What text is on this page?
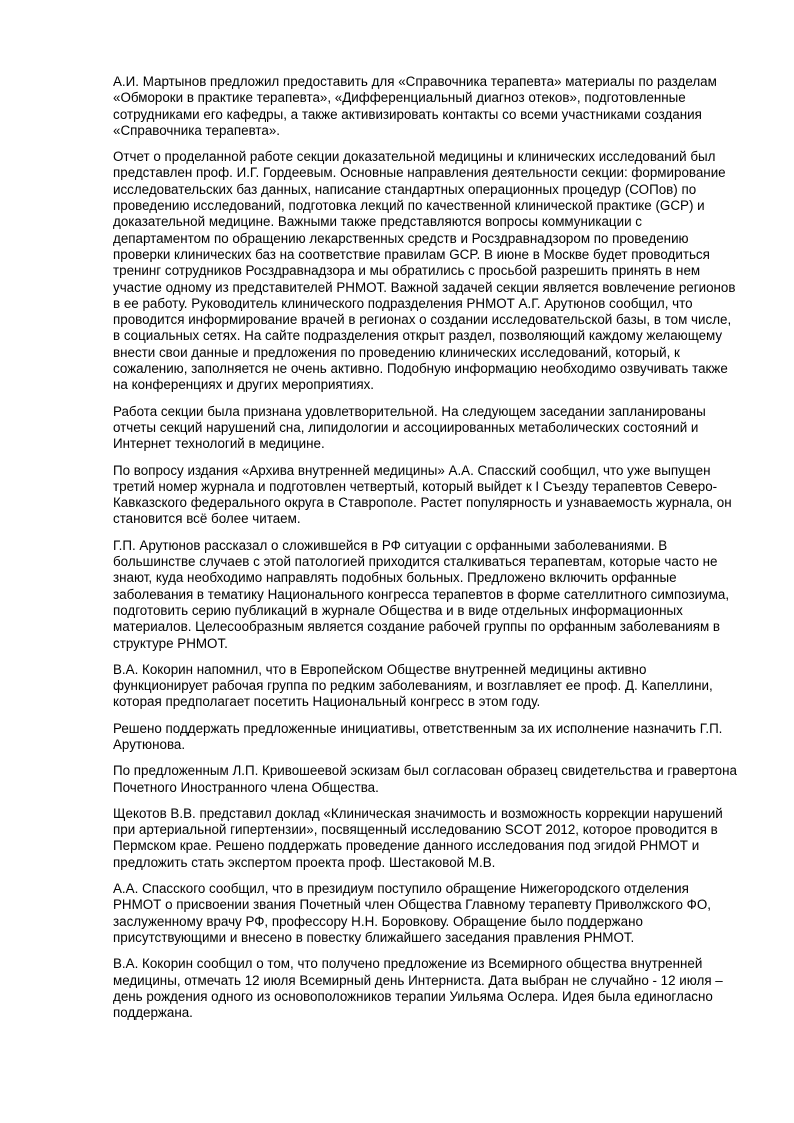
А.И. Мартынов предложил предоставить для «Справочника терапевта» материалы по разделам «Обмороки в практике терапевта», «Дифференциальный диагноз отеков», подготовленные сотрудниками его кафедры, а также активизировать контакты со всеми участниками создания «Справочника терапевта».

Отчет о проделанной работе секции доказательной медицины и клинических исследований был представлен проф. И.Г. Гордеевым. Основные направления деятельности секции: формирование исследовательских баз данных, написание стандартных операционных процедур (СОПов) по проведению исследований, подготовка лекций по качественной клинической практике (GCP) и доказательной медицине. Важными также представляются вопросы коммуникации с департаментом по обращению лекарственных средств и Росздравнадзором по проведению проверки клинических баз на соответствие правилам GCP. В июне в Москве будет проводиться тренинг сотрудников Росздравнадзора и мы обратились с просьбой разрешить принять в нем участие одному из представителей РНМОТ. Важной задачей секции является вовлечение регионов в ее работу. Руководитель клинического подразделения РНМОТ А.Г. Арутюнов сообщил, что проводится информирование врачей в регионах о создании исследовательской базы, в том числе, в социальных сетях. На сайте подразделения открыт раздел, позволяющий каждому желающему внести свои данные и предложения по проведению клинических исследований, который, к сожалению, заполняется не очень активно. Подобную информацию необходимо озвучивать также на конференциях и других мероприятиях.

Работа секции была признана удовлетворительной. На следующем заседании запланированы отчеты секций нарушений сна, липидологии и ассоциированных метаболических состояний и Интернет технологий в медицине.

По вопросу издания «Архива внутренней медицины» А.А. Спасский сообщил, что уже выпущен третий номер журнала и подготовлен четвертый, который выйдет к I Съезду терапевтов Северо-Кавказского федерального округа в Ставрополе. Растет популярность и узнаваемость журнала, он становится всё более читаем.

Г.П. Арутюнов рассказал о сложившейся в РФ ситуации с орфанными заболеваниями. В большинстве случаев с этой патологией приходится сталкиваться терапевтам, которые часто не знают, куда необходимо направлять подобных больных. Предложено включить орфанные заболевания в тематику Национального конгресса терапевтов в форме сателлитного симпозиума, подготовить серию публикаций в журнале Общества и в виде отдельных информационных материалов. Целесообразным является создание рабочей группы по орфанным заболеваниям в структуре РНМОТ.

В.А. Кокорин напомнил, что в Европейском Обществе внутренней медицины активно функционирует рабочая группа по редким заболеваниям, и возглавляет ее проф. Д. Капеллини, которая предполагает посетить Национальный конгресс в этом году.

Решено поддержать предложенные инициативы, ответственным за их исполнение назначить Г.П. Арутюнова.

По предложенным Л.П. Кривошеевой эскизам был согласован образец свидетельства и гравертона Почетного Иностранного члена Общества.

Щекотов В.В. представил доклад «Клиническая значимость и возможность коррекции нарушений при артериальной гипертензии», посвященный исследованию SCOT 2012, которое проводится в Пермском крае. Решено поддержать проведение данного исследования под эгидой РНМОТ и предложить стать экспертом проекта проф. Шестаковой М.В.

А.А. Спасского сообщил, что в президиум поступило обращение Нижегородского отделения РНМОТ о присвоении звания Почетный член Общества Главному терапевту Приволжского ФО, заслуженному врачу РФ, профессору Н.Н. Боровкову. Обращение было поддержано присутствующими и внесено в повестку ближайшего заседания правления РНМОТ.

В.А. Кокорин сообщил о том, что получено предложение из Всемирного общества внутренней медицины, отмечать 12 июля Всемирный день Интерниста. Дата выбран не случайно - 12 июля – день рождения одного из основоположников терапии Уильяма Ослера. Идея была единогласно поддержана.
